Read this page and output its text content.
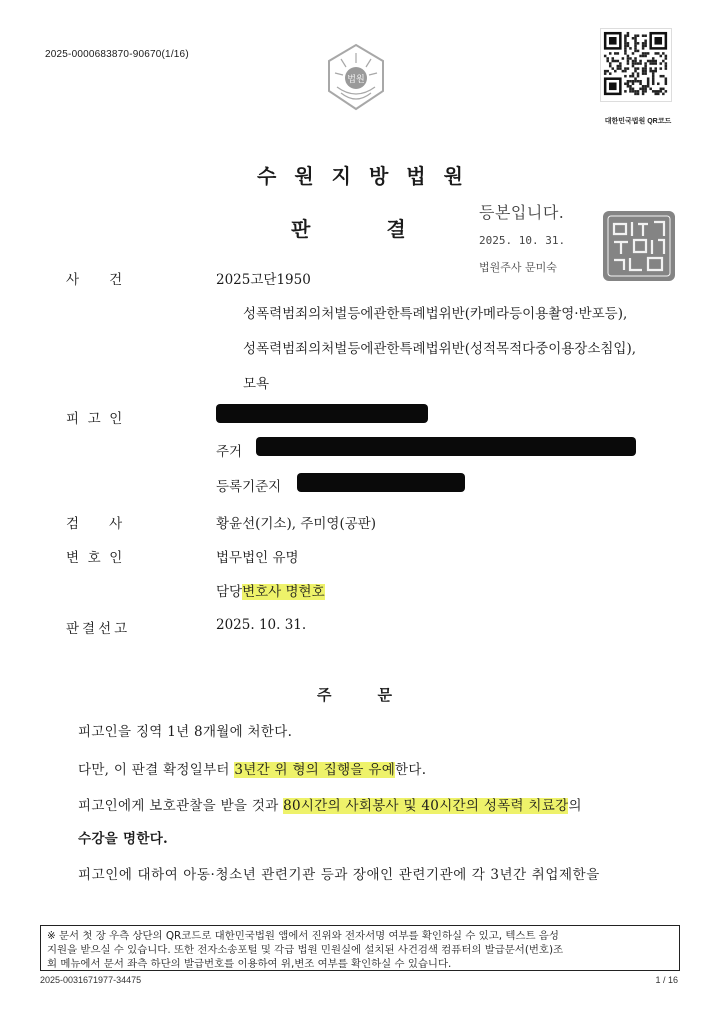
2025-0000683870-90670(1/16)
법원
대한민국법원 QR코드
수원지방법원
판결
등본입니다.
2025. 10. 31.
법원주사 문미숙
사       건	2025고단1950
성폭력범죄의처벌등에관한특례법위반(카메라등이용촬영·반포등),
성폭력범죄의처벌등에관한특례법위반(성적목적다중이용장소침입),
모욕
피  고  인
주거
등록기준지
검       사	황윤선(기소), 주미영(공판)
변  호  인	법무법인 유명
담당변호사 명현호
판결선고	2025. 10. 31.
주문
피고인을 징역 1년 8개월에 처한다.
다만, 이 판결 확정일부터 3년간 위 형의 집행을 유예한다.
피고인에게 보호관찰을 받을 것과 80시간의 사회봉사 및 40시간의 성폭력 치료강의
수강을 명한다.
피고인에 대하여 아동·청소년 관련기관 등과 장애인 관련기관에 각 3년간 취업제한을
※ 문서 첫 장 우측 상단의 QR코드로 대한민국법원 앱에서 진위와 전자서명 여부를 확인하실 수 있고, 텍스트 음성
지원을 받으실 수 있습니다. 또한 전자소송포털 및 각급 법원 민원실에 설치된 사건검색 컴퓨터의 발급문서(번호)조
회 메뉴에서 문서 좌측 하단의 발급번호를 이용하여 위,변조 여부를 확인하실 수 있습니다.
2025-0031671977-34475	1 / 16
